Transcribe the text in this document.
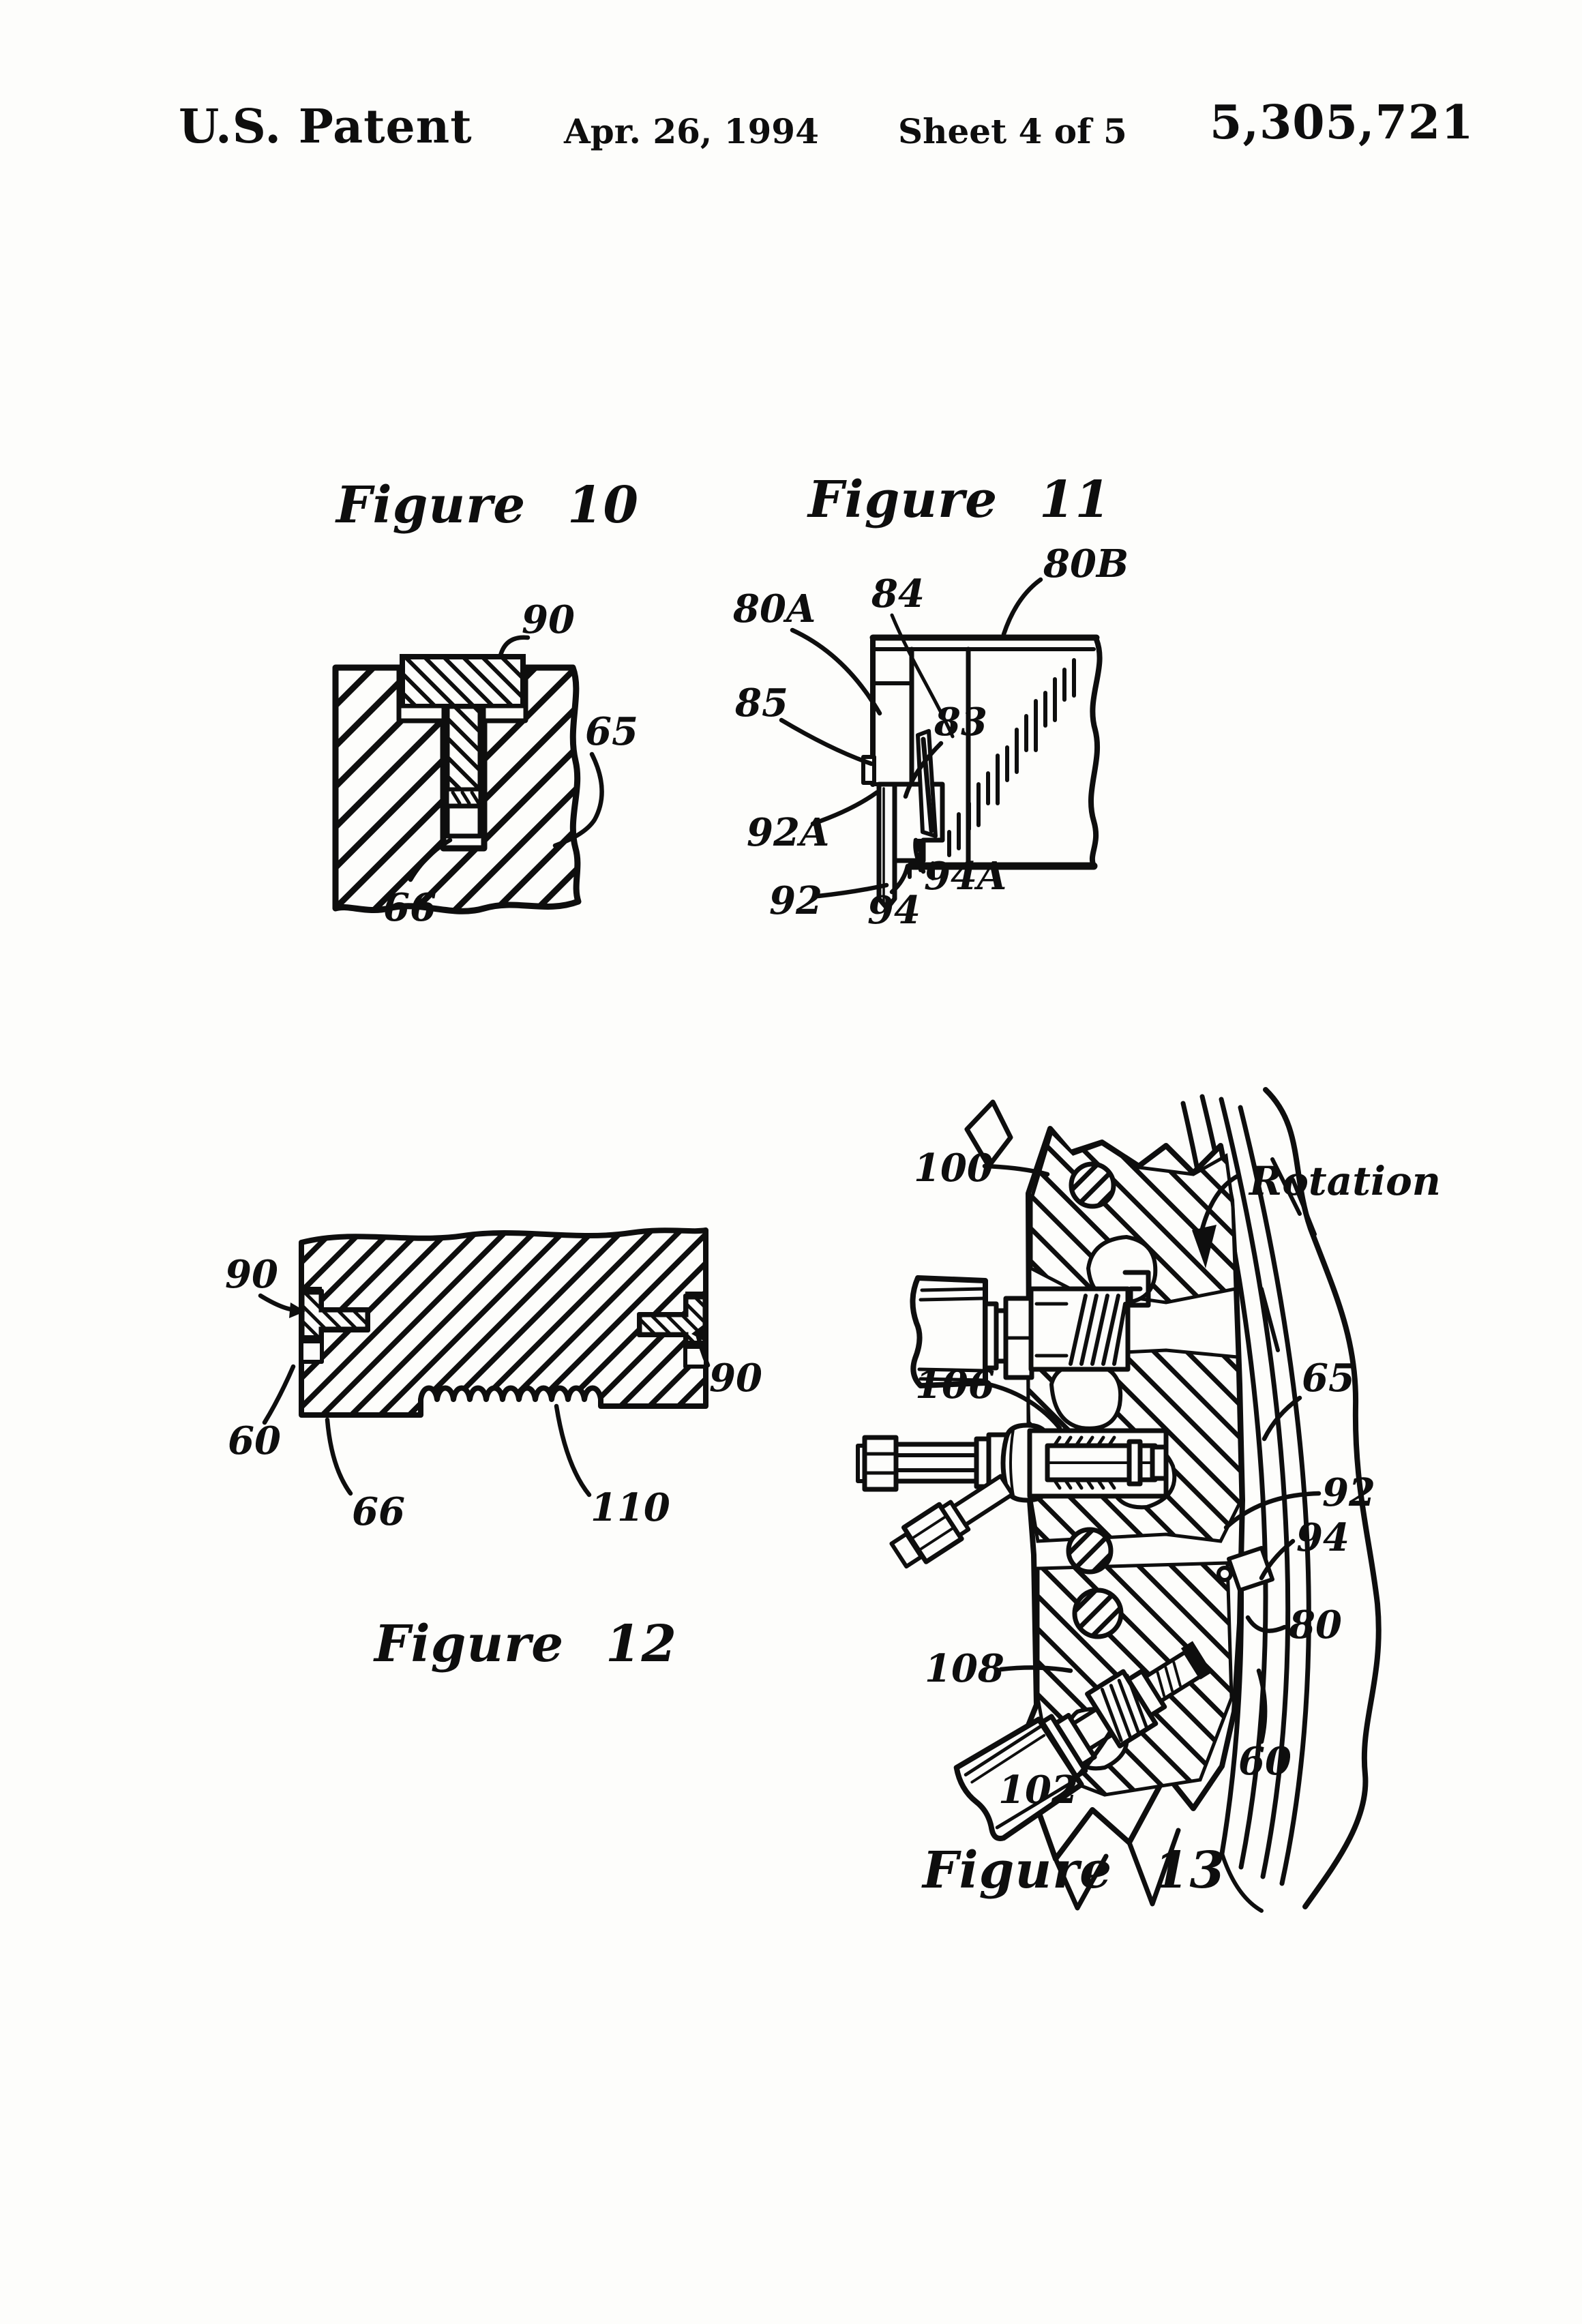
U.S. Patent	Apr. 26, 1994 Sheet 4 of 5 5,305,721
Figure 10	Figure 11
Figure 12
Figure 13
90
65
66
80A 84
80B
85	83
92A
94A
92 94
90
90
60
66	110
100	Rotation
106	65
92
94
108
80
102
60
